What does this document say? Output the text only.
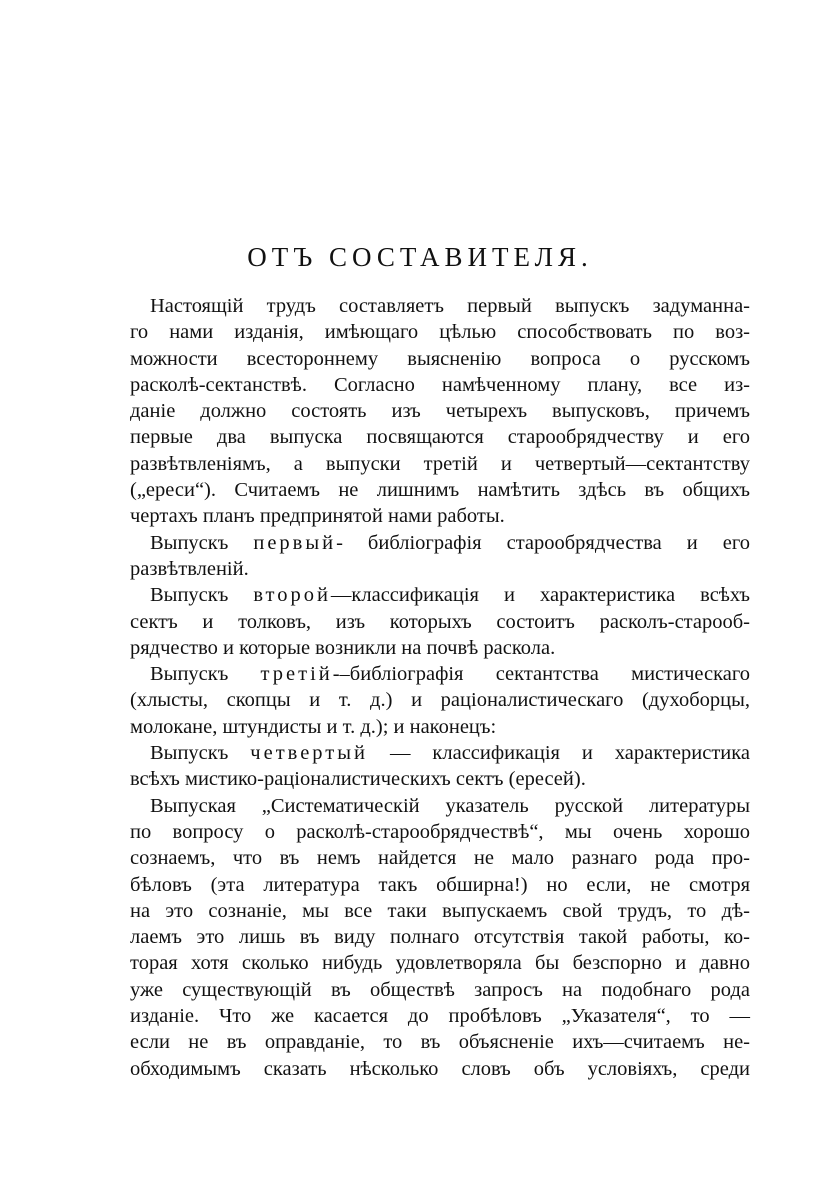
ОТЪ СОСТАВИТЕЛЯ.
Настоящій трудъ составляетъ первый выпускъ задуманна-
го нами изданія, имѣющаго цѣлью способствовать по воз-
можности всестороннему выясненію вопроса о русскомъ
расколѣ-сектанствѣ. Согласно намѣченному плану, все из-
даніе должно состоять изъ четырехъ выпусковъ, причемъ
первые два выпуска посвящаются старообрядчеству и его
развѣтвленіямъ, а выпуски третій и четвертый—сектантству
(„ереси“). Считаемъ не лишнимъ намѣтить здѣсь въ общихъ
чертахъ планъ предпринятой нами работы.
Выпускъ первый- библіографія старообрядчества и его
развѣтвленій.
Выпускъ второй—классификація и характеристика всѣхъ
сектъ и толковъ, изъ которыхъ состоитъ расколъ-старооб-
рядчество и которые возникли на почвѣ раскола.
Выпускъ третій-–библіографія сектантства мистическаго
(хлысты, скопцы и т. д.) и раціоналистическаго (духоборцы,
молокане, штундисты и т. д.); и наконецъ:
Выпускъ четвертый — классификація и характеристика
всѣхъ мистико-раціоналистическихъ сектъ (ересей).
Выпуская „Систематическій указатель русской литературы
по вопросу о расколѣ-старообрядчествѣ“, мы очень хорошо
сознаемъ, что въ немъ найдется не мало разнаго рода про-
бѣловъ (эта литература такъ обширна!) но если, не смотря
на это сознаніе, мы все таки выпускаемъ свой трудъ, то дѣ-
лаемъ это лишь въ виду полнаго отсутствія такой работы, ко-
торая хотя сколько нибудь удовлетворяла бы безспорно и давно
уже существующій въ обществѣ запросъ на подобнаго рода
изданіе. Что же касается до пробѣловъ „Указателя“, то —
если не въ оправданіе, то въ объясненіе ихъ—считаемъ не-
обходимымъ сказать нѣсколько словъ объ условіяхъ, среди
